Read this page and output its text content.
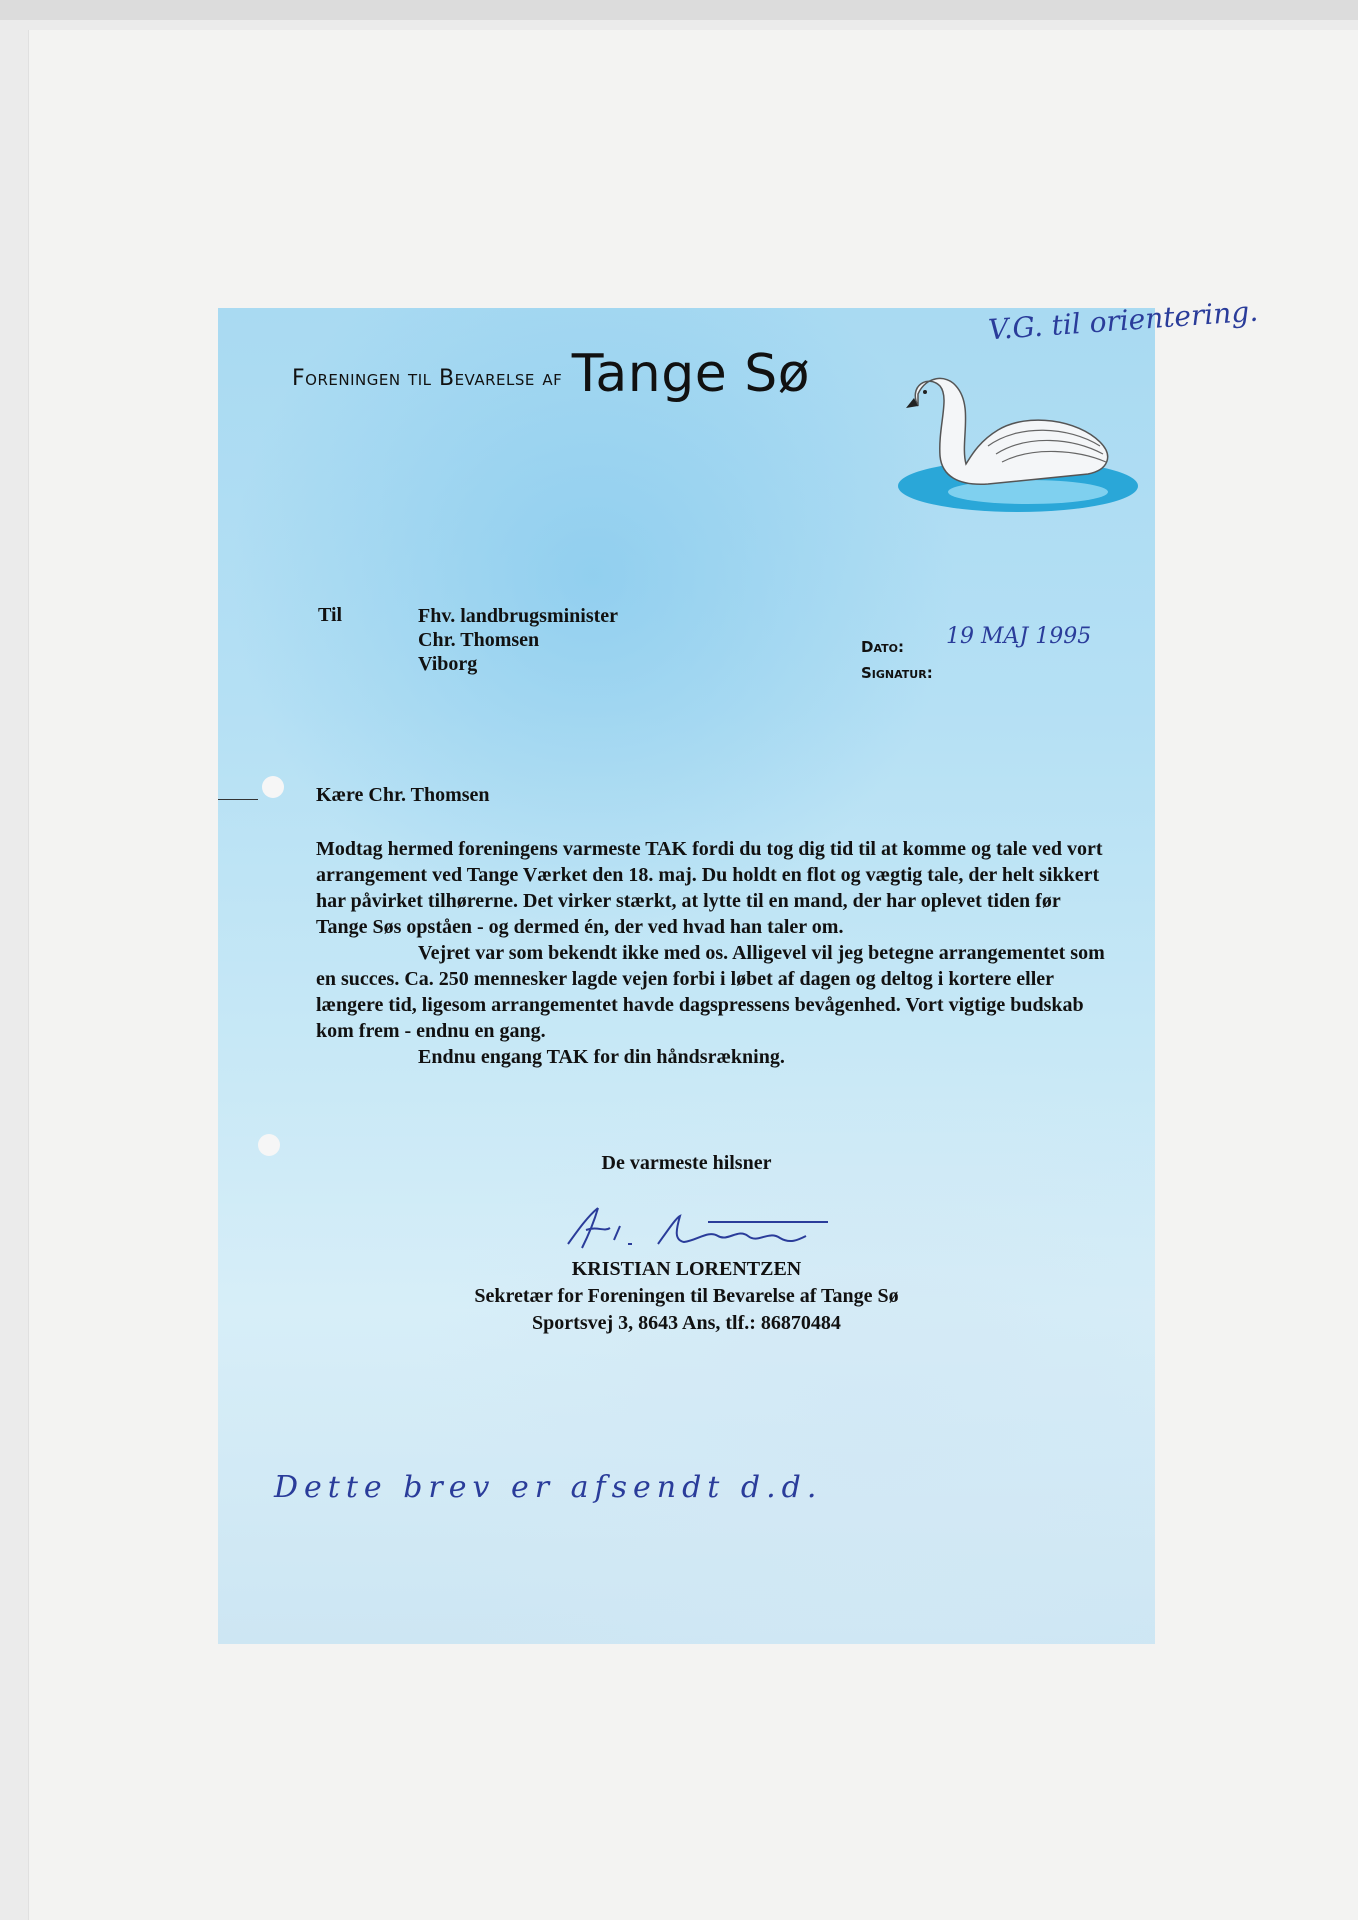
Foreningen til Bevarelse af Tange Sø
V.G. til orientering.
Til	Fhv. landbrugsminister
Chr. Thomsen
Viborg
Dato:
Signatur:
19 MAJ 1995
Kære Chr. Thomsen

Modtag hermed foreningens varmeste TAK fordi du tog dig tid til at komme og tale ved vort arrangement ved Tange Værket den 18. maj. Du holdt en flot og vægtig tale, der helt sikkert har påvirket tilhørerne. Det virker stærkt, at lytte til en mand, der har oplevet tiden før Tange Søs opståen - og dermed én, der ved hvad han taler om.

Vejret var som bekendt ikke med os. Alligevel vil jeg betegne arrangementet som en succes. Ca. 250 mennesker lagde vejen forbi i løbet af dagen og deltog i kortere eller længere tid, ligesom arrangementet havde dagspressens bevågenhed. Vort vigtige budskab kom frem - endnu en gang.

Endnu engang TAK for din håndsrækning.

De varmeste hilsner
KRISTIAN LORENTZEN
Sekretær for Foreningen til Bevarelse af Tange Sø
Sportsvej 3, 8643 Ans, tlf.: 86870484
Dette brev er afsendt d.d.
